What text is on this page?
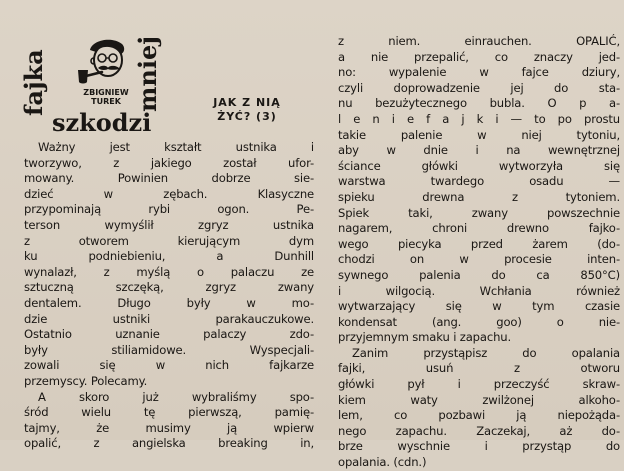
fajka	ZBIGNIEW
TUREK mniej
szkodzi
JAK Z NIĄ
ŻYĆ? (3)
Ważny jest kształt ustnika i
tworzywo, z jakiego został ufor-
mowany. Powinien dobrze sie-
dzieć w zębach. Klasyczne
przypominają rybi ogon. Pe-
terson wymyślił zgryz ustnika
z otworem kierującym dym
ku podniebieniu, a Dunhill
wynalazł, z myślą o palaczu ze
sztuczną szczęką, zgryz zwany
dentalem. Długo były w mo-
dzie ustniki parakauczukowe.
Ostatnio uznanie palaczy zdo-
były stiliamidowe. Wyspecjali-
zowali się w nich fajkarze
przemyscy. Polecamy.
A skoro już wybraliśmy spo-
śród wielu tę pierwszą, pamię-
tajmy, że musimy ją wpierw
opalić, z angielska breaking in,
z niem. einrauchen. OPALIĆ,
a nie przepalić, co znaczy jed-
no: wypalenie w fajce dziury,
czyli doprowadzenie jej do sta-
nu bezużytecznego bubla. O p a-
l e n i e f a j k i — to po prostu
takie palenie w niej tytoniu,
aby w dnie i na wewnętrznej
ściance główki wytworzyła się
warstwa twardego osadu —
spieku drewna z tytoniem.
Spiek taki, zwany powszechnie
nagarem, chroni drewno fajko-
wego piecyka przed żarem (do-
chodzi on w procesie inten-
sywnego palenia do ca 850°C)
i wilgocią. Wchłania również
wytwarzający się w tym czasie
kondensat (ang. goo) o nie-
przyjemnym smaku i zapachu.
Zanim przystąpisz do opalania
fajki, usuń z otworu
główki pył i przeczyść skraw-
kiem waty zwilżonej alkoho-
lem, co pozbawi ją niepożąda-
nego zapachu. Zaczekaj, aż do-
brze wyschnie i przystąp do
opalania. (cdn.)
